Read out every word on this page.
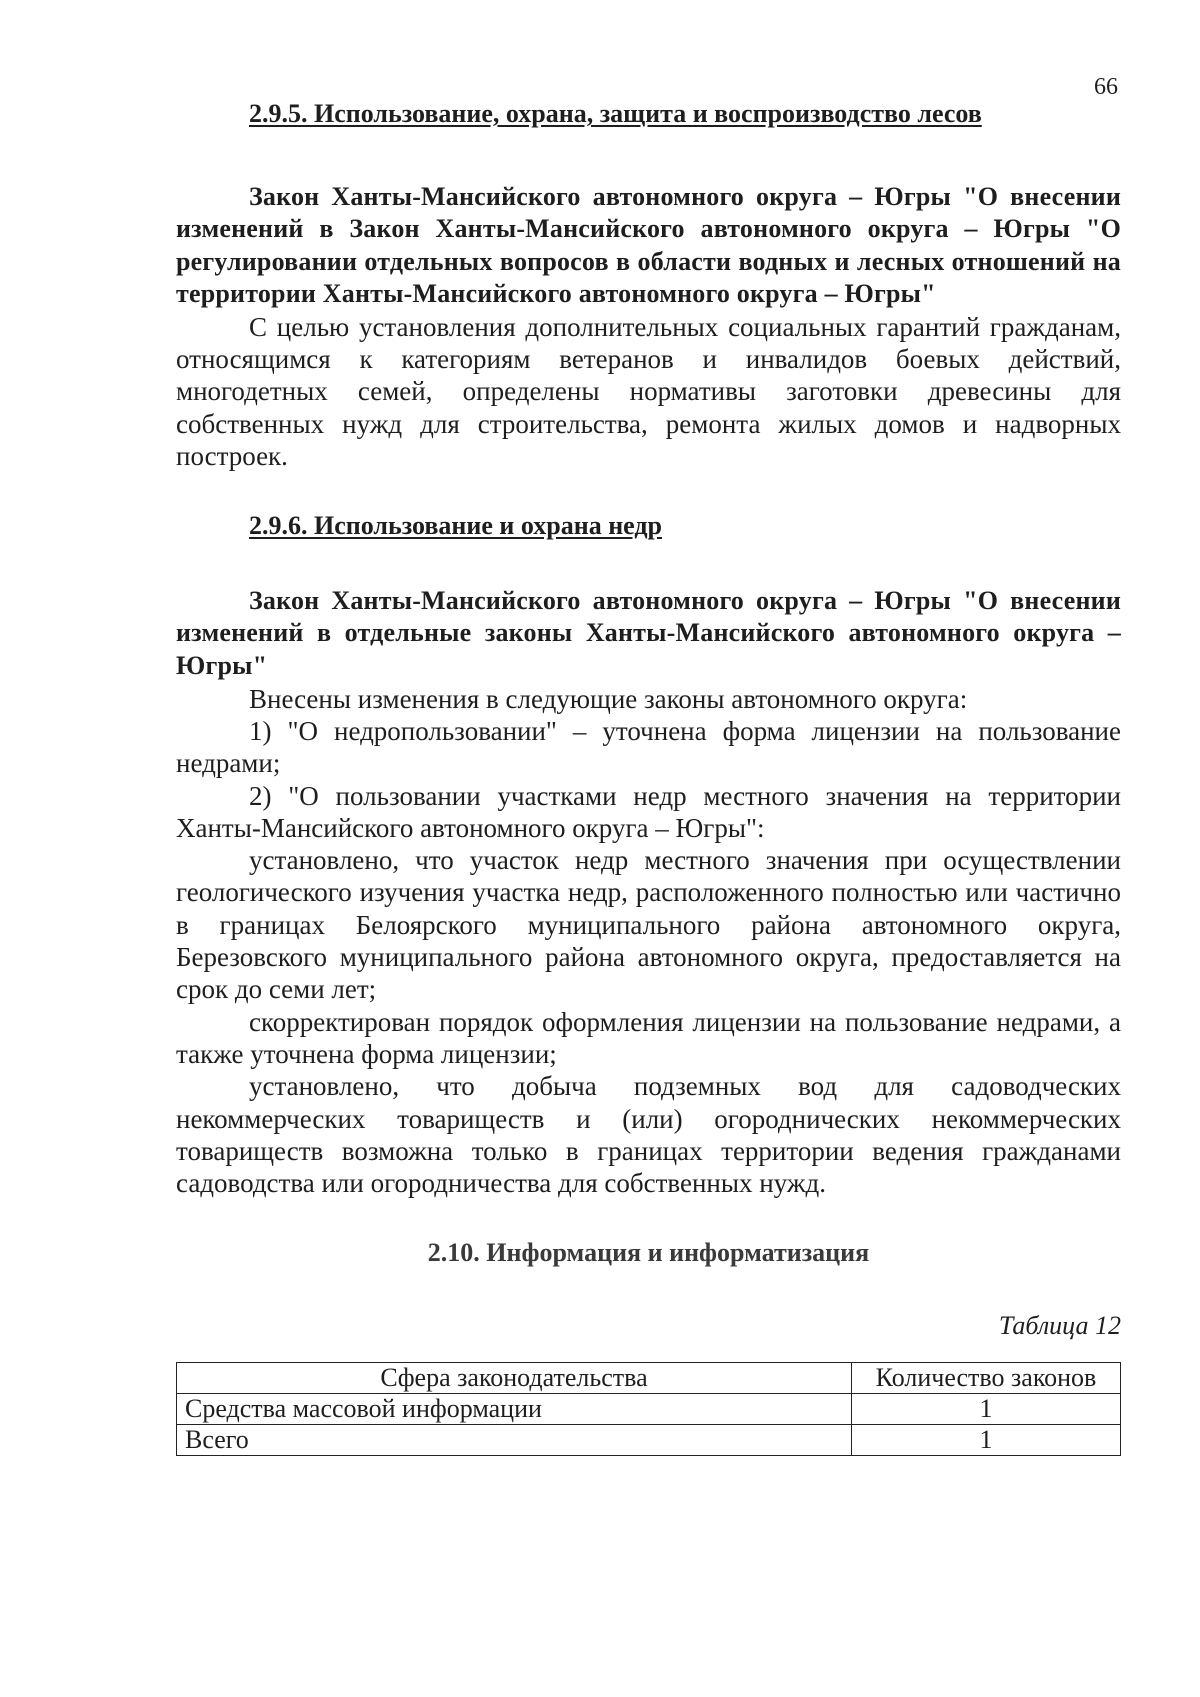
66
2.9.5. Использование, охрана, защита и воспроизводство лесов

Закон Ханты-Мансийского автономного округа – Югры "О внесении изменений в Закон Ханты-Мансийского автономного округа – Югры "О регулировании отдельных вопросов в области водных и лесных отношений на территории Ханты-Мансийского автономного округа – Югры"

С целью установления дополнительных социальных гарантий гражданам, относящимся к категориям ветеранов и инвалидов боевых действий, многодетных семей, определены нормативы заготовки древесины для собственных нужд для строительства, ремонта жилых домов и надворных построек.

2.9.6. Использование и охрана недр

Закон Ханты-Мансийского автономного округа – Югры "О внесении изменений в отдельные законы Ханты-Мансийского автономного округа – Югры"

Внесены изменения в следующие законы автономного округа:

1) "О недропользовании" – уточнена форма лицензии на пользование недрами;

2) "О пользовании участками недр местного значения на территории Ханты-Мансийского автономного округа – Югры":

установлено, что участок недр местного значения при осуществлении геологического изучения участка недр, расположенного полностью или частично в границах Белоярского муниципального района автономного округа, Березовского муниципального района автономного округа, предоставляется на срок до семи лет;

скорректирован порядок оформления лицензии на пользование недрами, а также уточнена форма лицензии;

установлено, что добыча подземных вод для садоводческих некоммерческих товариществ и (или) огороднических некоммерческих товариществ возможна только в границах территории ведения гражданами садоводства или огородничества для собственных нужд.

2.10. Информация и информатизация

Таблица 12

Сфера законодательства	Количество законов
Средства массовой информации	1
Всего	1
